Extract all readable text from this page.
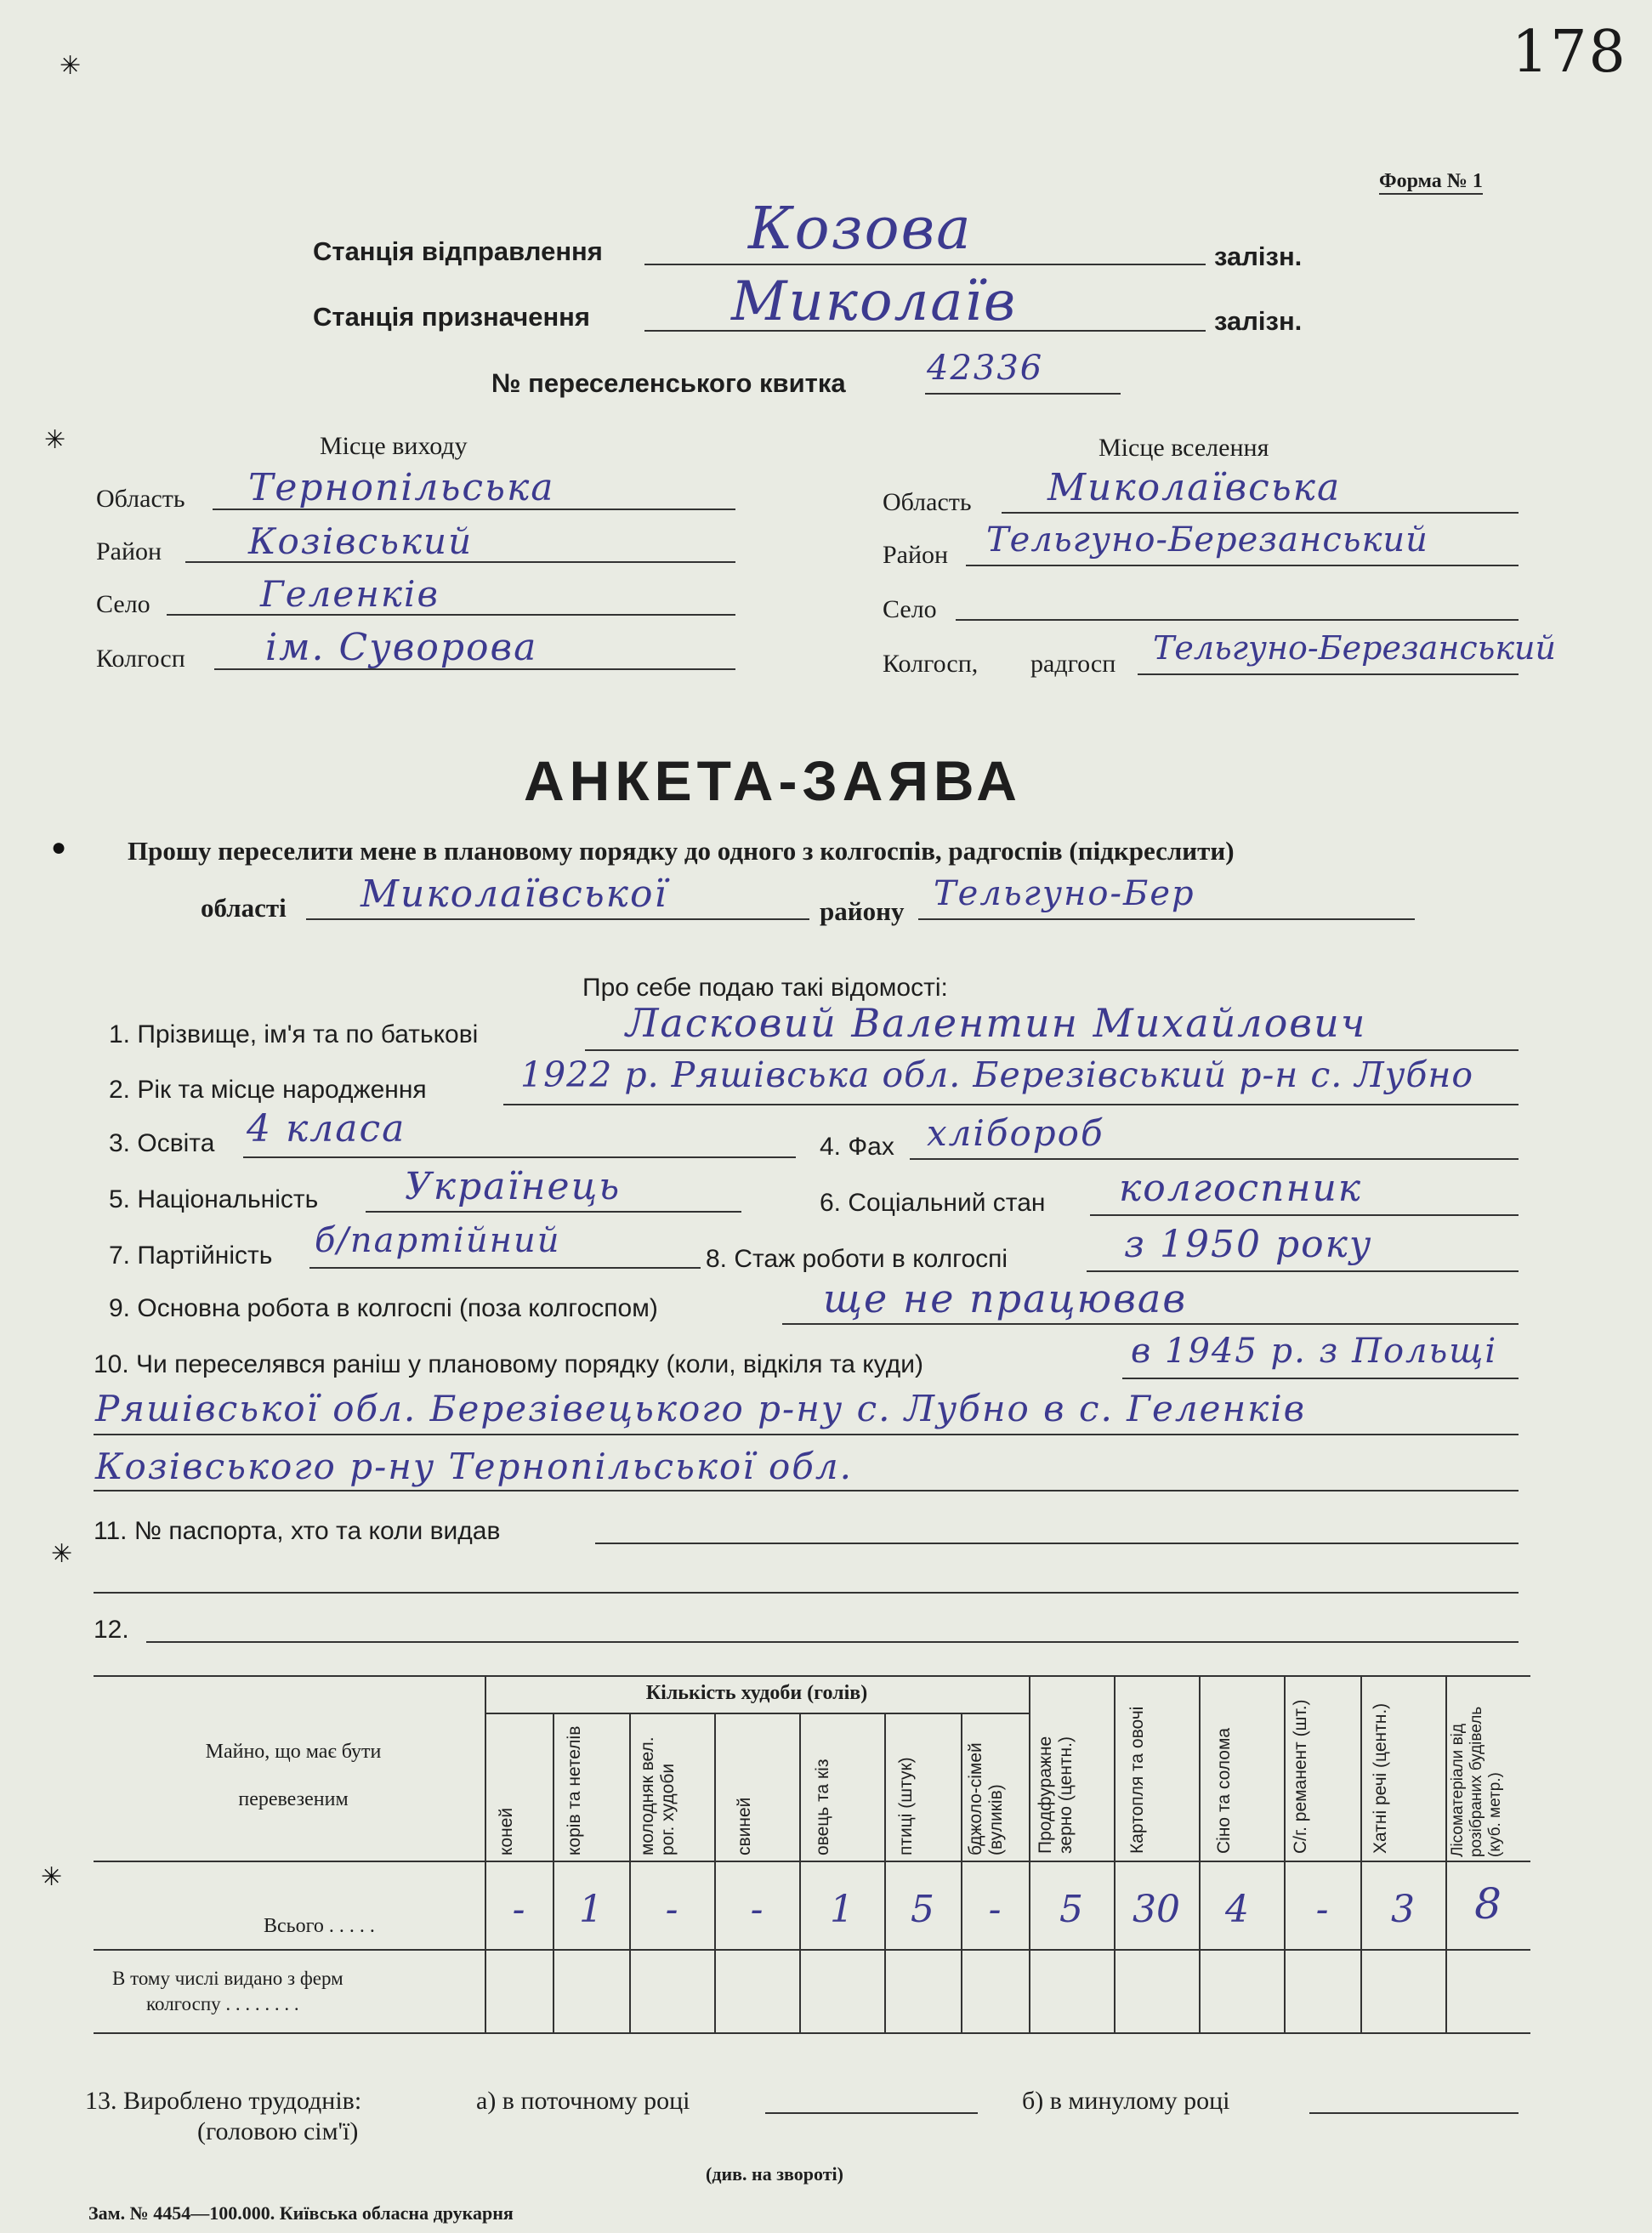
178
Форма № 1
✳
✳
●
✳
✳
Станція відправлення	Козова	залізн.
Станція призначення	Миколаїв	залізн.
№ переселенського квитка 42336
Місце виходу
Область Тернопільська
Район Козівський
Село	Геленків
Колгосп ім. Суворова
Місце вселення
Область Миколаївська
Район Тельгуно-Березанський
Село
Колгосп, радгосп Тельгуно-Березанський
АНКЕТА-ЗАЯВА
Прошу переселити мене в плановому порядку до одного з колгоспів, радгоспів (підкреслити)
області Миколаївської	району Тельгуно-Бер
Про себе подаю такі відомості:
1. Прізвище, ім'я та по батькові	Ласковий Валентин Михайлович
2. Рік та місце народження	1922 р. Ряшівська обл. Березівський р-н с. Лубно
3. Освіта 4 класа	4. Фах хлібороб
5. Національність Українець	6. Соціальний стан колгоспник
7. Партійність б/партійний	8. Стаж роботи в колгоспі	з 1950 року
9. Основна робота в колгоспі (поза колгоспом)	ще не працював
10. Чи переселявся раніш у плановому порядку (коли, відкіля та куди)	в 1945 р. з Польщі
Ряшівської обл. Березівецького р-ну с. Лубно в с. Геленків
Козівського р-ну Тернопільської обл.
11. № паспорта, хто та коли видав
12.
Майно, що має бути перевезеним
Кількість худоби (голів)
коней	корів та нетелів	молодняк вел. рог. худоби	свиней	овець та кіз	птиці (штук)	бджоло-сімей (вуликів)	Продфуражне зерно (центн.)	Картопля та овочі	Сіно та солома	С/г. реманент (шт.)	Хатні речі (центн.)	Лісоматеріали від розібраних будівель (куб. метр.)
Всього . . . . .	-	1	-	-	1	5	-	5	30	4	-	3	8
В тому числі видано з ферм
колгоспу . . . . . . . .
13. Вироблено трудоднів:
(головою сім'ї)
а) в поточному році	б) в минулому році
(див. на звороті)
Зам. № 4454—100.000. Київська обласна друкарня
